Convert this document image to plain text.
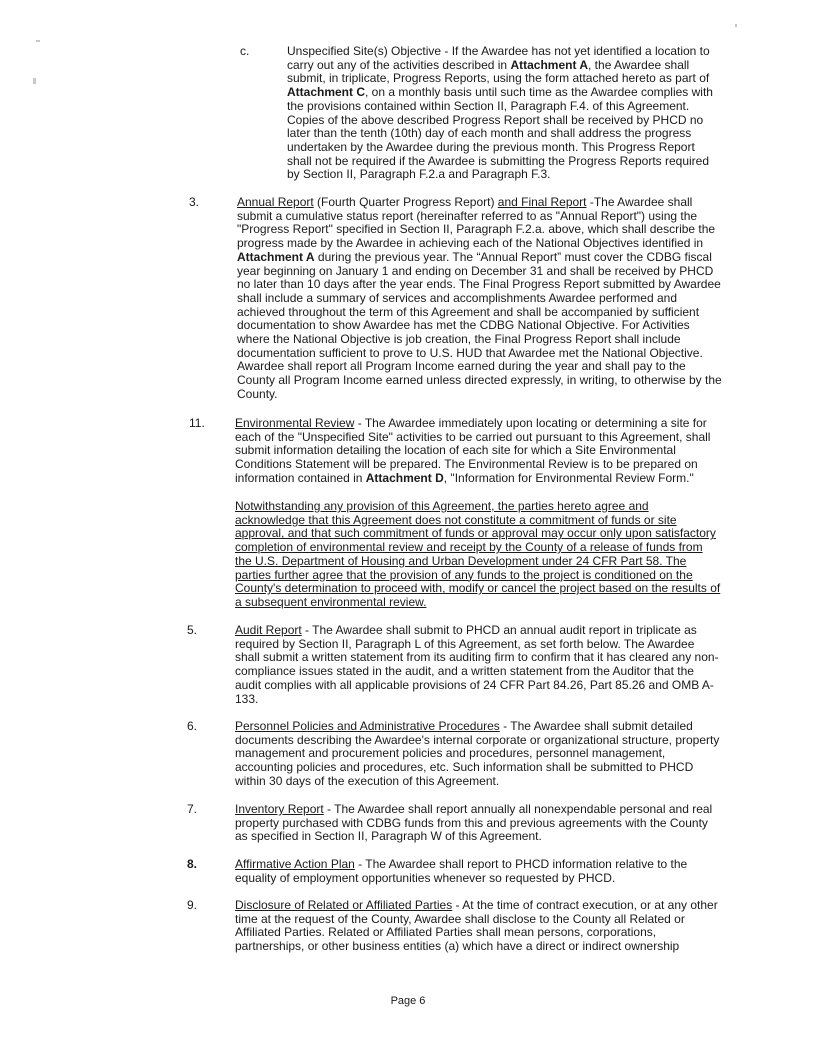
c.	Unspecified Site(s) Objective - If the Awardee has not yet identified a location to
carry out any of the activities described in Attachment A, the Awardee shall
submit, in triplicate, Progress Reports, using the form attached hereto as part of
Attachment C, on a monthly basis until such time as the Awardee complies with
the provisions contained within Section II, Paragraph F.4. of this Agreement.
Copies of the above described Progress Report shall be received by PHCD no
later than the tenth (10th) day of each month and shall address the progress
undertaken by the Awardee during the previous month. This Progress Report
shall not be required if the Awardee is submitting the Progress Reports required
by Section II, Paragraph F.2.a and Paragraph F.3.

3.	Annual Report (Fourth Quarter Progress Report) and Final Report -The Awardee shall
submit a cumulative status report (hereinafter referred to as "Annual Report") using the
"Progress Report" specified in Section II, Paragraph F.2.a. above, which shall describe the
progress made by the Awardee in achieving each of the National Objectives identified in
Attachment A during the previous year. The “Annual Report” must cover the CDBG fiscal
year beginning on January 1 and ending on December 31 and shall be received by PHCD
no later than 10 days after the year ends. The Final Progress Report submitted by Awardee
shall include a summary of services and accomplishments Awardee performed and
achieved throughout the term of this Agreement and shall be accompanied by sufficient
documentation to show Awardee has met the CDBG National Objective. For Activities
where the National Objective is job creation, the Final Progress Report shall include
documentation sufficient to prove to U.S. HUD that Awardee met the National Objective.
Awardee shall report all Program Income earned during the year and shall pay to the
County all Program Income earned unless directed expressly, in writing, to otherwise by the
County.

11.	Environmental Review - The Awardee immediately upon locating or determining a site for
each of the "Unspecified Site" activities to be carried out pursuant to this Agreement, shall
submit information detailing the location of each site for which a Site Environmental
Conditions Statement will be prepared. The Environmental Review is to be prepared on
information contained in Attachment D, "Information for Environmental Review Form."

Notwithstanding any provision of this Agreement, the parties hereto agree and
acknowledge that this Agreement does not constitute a commitment of funds or site
approval, and that such commitment of funds or approval may occur only upon satisfactory
completion of environmental review and receipt by the County of a release of funds from
the U.S. Department of Housing and Urban Development under 24 CFR Part 58. The
parties further agree that the provision of any funds to the project is conditioned on the
County's determination to proceed with, modify or cancel the project based on the results of
a subsequent environmental review.

5.	Audit Report - The Awardee shall submit to PHCD an annual audit report in triplicate as
required by Section II, Paragraph L of this Agreement, as set forth below. The Awardee
shall submit a written statement from its auditing firm to confirm that it has cleared any non-
compliance issues stated in the audit, and a written statement from the Auditor that the
audit complies with all applicable provisions of 24 CFR Part 84.26, Part 85.26 and OMB A-
133.

6.	Personnel Policies and Administrative Procedures - The Awardee shall submit detailed
documents describing the Awardee's internal corporate or organizational structure, property
management and procurement policies and procedures, personnel management,
accounting policies and procedures, etc. Such information shall be submitted to PHCD
within 30 days of the execution of this Agreement.

7.	Inventory Report - The Awardee shall report annually all nonexpendable personal and real
property purchased with CDBG funds from this and previous agreements with the County
as specified in Section II, Paragraph W of this Agreement.

8.	Affirmative Action Plan - The Awardee shall report to PHCD information relative to the
equality of employment opportunities whenever so requested by PHCD.

9.	Disclosure of Related or Affiliated Parties - At the time of contract execution, or at any other
time at the request of the County, Awardee shall disclose to the County all Related or
Affiliated Parties. Related or Affiliated Parties shall mean persons, corporations,
partnerships, or other business entities (a) which have a direct or indirect ownership

Page 6
